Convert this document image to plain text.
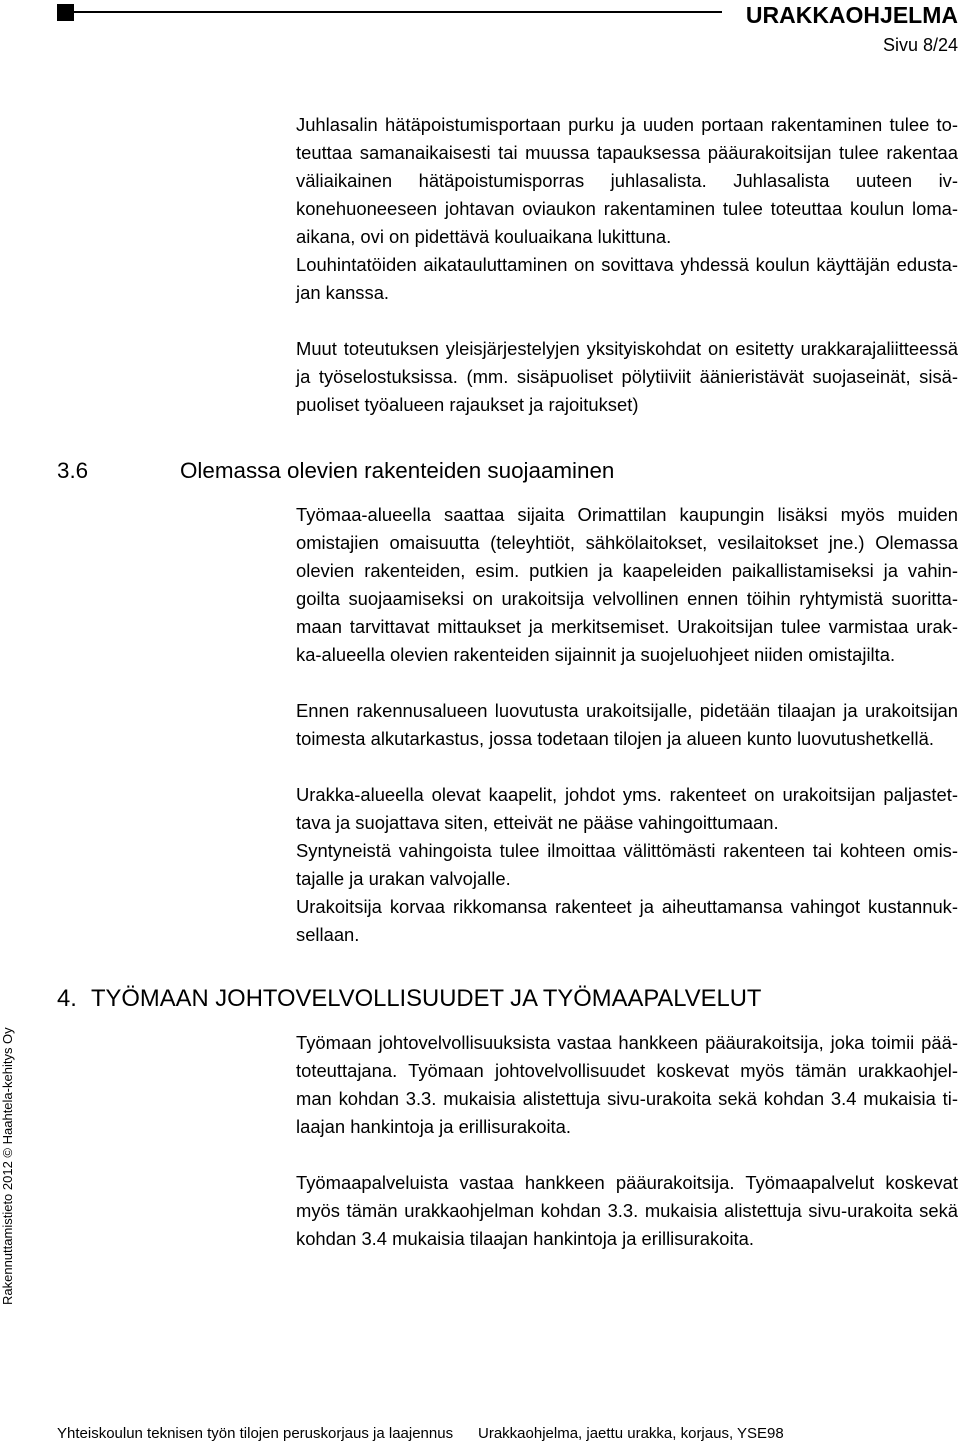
URAKKAOHJELMA
Sivu 8/24
Juhlasalin hätäpoistumisportaan purku ja uuden portaan rakentaminen tulee to-
teuttaa samanaikaisesti tai muussa tapauksessa pääurakoitsijan tulee rakentaa
väliaikainen hätäpoistumisporras juhlasalista. Juhlasalista uuteen iv-
konehuoneeseen johtavan oviaukon rakentaminen tulee toteuttaa koulun loma-
aikana, ovi on pidettävä kouluaikana lukittuna.
Louhintatöiden aikatauluttaminen on sovittava yhdessä koulun käyttäjän edusta-
jan kanssa.
Muut toteutuksen yleisjärjestelyjen yksityiskohdat on esitetty urakkarajaliitteessä
ja työselostuksissa. (mm. sisäpuoliset pölytiiviit äänieristävät suojaseinät, sisä-
puoliset työalueen rajaukset ja rajoitukset)
3.6	Olemassa olevien rakenteiden suojaaminen
Työmaa-alueella saattaa sijaita Orimattilan kaupungin lisäksi myös muiden
omistajien omaisuutta (teleyhtiöt, sähkölaitokset, vesilaitokset jne.) Olemassa
olevien rakenteiden, esim. putkien ja kaapeleiden paikallistamiseksi ja vahin-
goilta suojaamiseksi on urakoitsija velvollinen ennen töihin ryhtymistä suoritta-
maan tarvittavat mittaukset ja merkitsemiset. Urakoitsijan tulee varmistaa urak-
ka-alueella olevien rakenteiden sijainnit ja suojeluohjeet niiden omistajilta.
Ennen rakennusalueen luovutusta urakoitsijalle, pidetään tilaajan ja urakoitsijan
toimesta alkutarkastus, jossa todetaan tilojen ja alueen kunto luovutushetkellä.
Urakka-alueella olevat kaapelit, johdot yms. rakenteet on urakoitsijan paljastet-
tava ja suojattava siten, etteivät ne pääse vahingoittumaan.
Syntyneistä vahingoista tulee ilmoittaa välittömästi rakenteen tai kohteen omis-
tajalle ja urakan valvojalle.
Urakoitsija korvaa rikkomansa rakenteet ja aiheuttamansa vahingot kustannuk-
sellaan.
4. TYÖMAAN JOHTOVELVOLLISUUDET JA TYÖMAAPALVELUT
Työmaan johtovelvollisuuksista vastaa hankkeen pääurakoitsija, joka toimii pää-
toteuttajana. Työmaan johtovelvollisuudet koskevat myös tämän urakkaohjel-
man kohdan 3.3. mukaisia alistettuja sivu-urakoita sekä kohdan 3.4 mukaisia ti-
laajan hankintoja ja erillisurakoita.
Työmaapalveluista vastaa hankkeen pääurakoitsija. Työmaapalvelut koskevat
myös tämän urakkaohjelman kohdan 3.3. mukaisia alistettuja sivu-urakoita sekä
kohdan 3.4 mukaisia tilaajan hankintoja ja erillisurakoita.
Rakennuttamistieto 2012 © Haahtela-kehitys Oy
Yhteiskoulun teknisen työn tilojen peruskorjaus ja laajennus Urakkaohjelma, jaettu urakka, korjaus, YSE98
